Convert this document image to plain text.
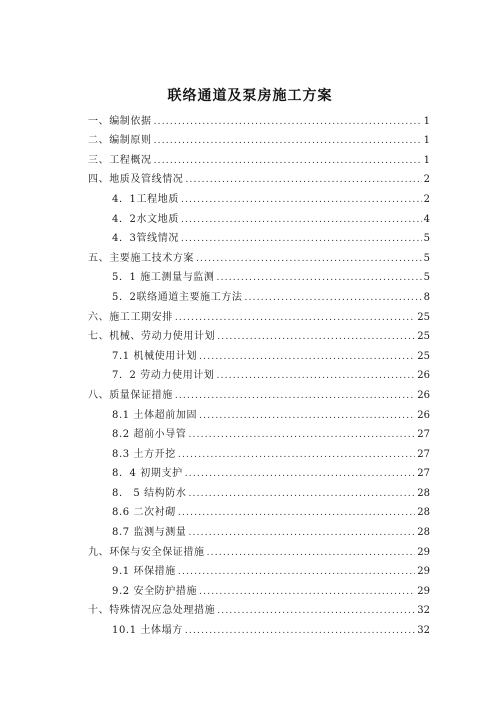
联络通道及泵房施工方案
一、编制依据 .....	1
二、编制原则 .....	1
三、工程概况 .....	1
四、地质及管线情况 .....	2
4．1工程地质 .....	2
4．2水文地质 .....	4
4．3管线情况 .....	5
五、主要施工技术方案 .....	5
5．1 施工测量与监测 .....	5
5．2联络通道主要施工方法 .....	8
六、施工工期安排 .....	25
七、机械、劳动力使用计划 .....	25
7.1 机械使用计划 .....	25
7．2 劳动力使用计划 .....	26
八、质量保证措施 .....	26
8.1 土体超前加固 .....	26
8.2 超前小导管 .....	27
8.3 土方开挖 .....	27
8．4 初期支护 .....	27
8． 5 结构防水 .....	28
8.6 二次衬砌 .....	28
8.7 监测与测量 .....	28
九、环保与安全保证措施 .....	29
9.1 环保措施 .....	29
9.2 安全防护措施 .....	29
十、特殊情况应急处理措施 .....	32
10.1 土体塌方 .....	32
